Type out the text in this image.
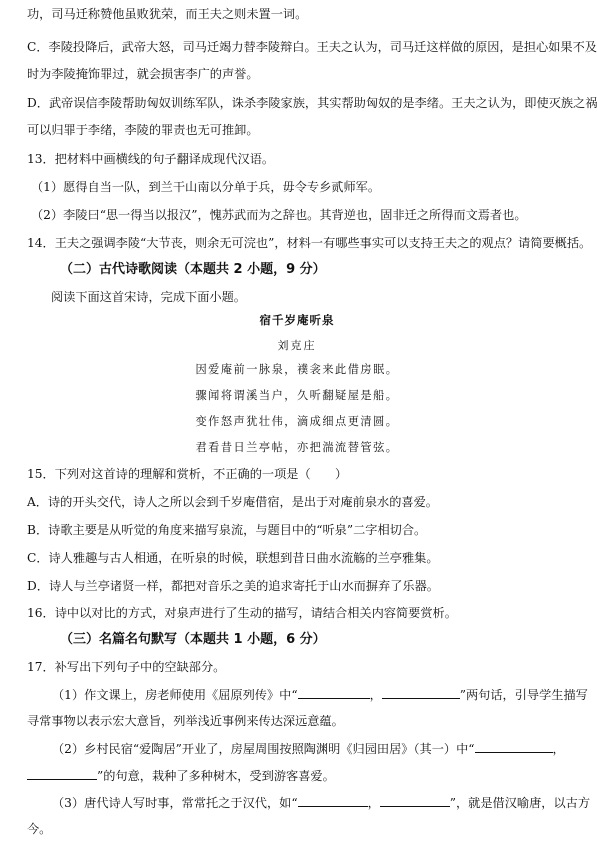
功，司马迁称赞他虽败犹荣，而王夫之则未置一词。
C．李陵投降后，武帝大怒，司马迁竭力替李陵辩白。王夫之认为，司马迁这样做的原因，是担心如果不及
时为李陵掩饰罪过，就会损害李广的声誉。
D．武帝误信李陵帮助匈奴训练军队，诛杀李陵家族，其实帮助匈奴的是李绪。王夫之认为，即使灭族之祸
可以归罪于李绪，李陵的罪责也无可推卸。
13．把材料中画横线的句子翻译成现代汉语。
（1）愿得自当一队，到兰干山南以分单于兵，毋令专乡贰师军。
（2）李陵曰“思一得当以报汉”，愧苏武而为之辞也。其背逆也，固非迁之所得而文焉者也。
14．王夫之强调李陵“大节丧，则余无可浣也”，材料一有哪些事实可以支持王夫之的观点？请简要概括。
（二）古代诗歌阅读（本题共 2 小题，9 分）
阅读下面这首宋诗，完成下面小题。
宿千岁庵听泉
刘克庄
因爱庵前一脉泉，襆衾来此借房眠。
骤闻将谓溪当户，久听翻疑屋是船。
变作怒声犹壮伟，滴成细点更清圆。
君看昔日兰亭帖，亦把湍流替管弦。
15．下列对这首诗的理解和赏析，不正确的一项是（　　）
A．诗的开头交代，诗人之所以会到千岁庵借宿，是出于对庵前泉水的喜爱。
B．诗歌主要是从听觉的角度来描写泉流，与题目中的“听泉”二字相切合。
C．诗人雅趣与古人相通，在听泉的时候，联想到昔日曲水流觞的兰亭雅集。
D．诗人与兰亭诸贤一样，都把对音乐之美的追求寄托于山水而摒弃了乐器。
16．诗中以对比的方式，对泉声进行了生动的描写，请结合相关内容简要赏析。
（三）名篇名句默写（本题共 1 小题，6 分）
17．补写出下列句子中的空缺部分。
（1）作文课上，房老师使用《屈原列传》中“	，	”两句话，引导学生描写
寻常事物以表示宏大意旨，列举浅近事例来传达深远意蕴。
（2）乡村民宿“爱陶居”开业了，房屋周围按照陶渊明《归园田居》（其一）中“	，
”的句意，栽种了多种树木，受到游客喜爱。
（3）唐代诗人写时事，常常托之于汉代，如“	，	”，就是借汉喻唐，以古方
今。
